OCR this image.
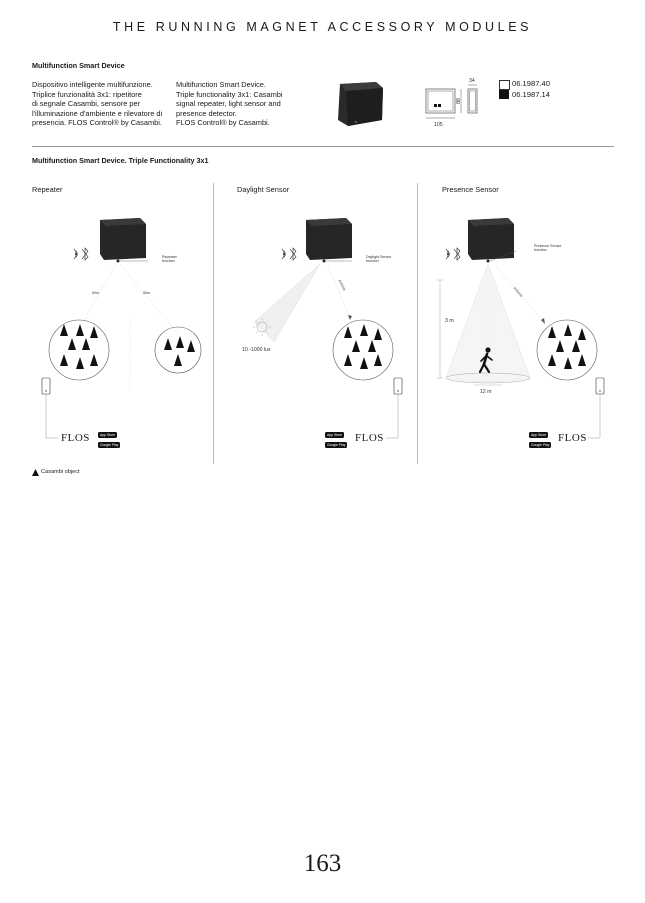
THE RUNNING MAGNET ACCESSORY MODULES
Multifunction Smart Device
Dispositivo intelligente multifunzione.
Triplice funzionalità 3x1: ripetitore
di segnale Casambi, sensore per
l'illuminazione d'ambiente e rilevatore di
presencia. FLOS Control® by Casambi.
Multifunction Smart Device.
Triple functionality 3x1: Casambi
signal repeater, light sensor and
presence detector.
FLOS Control® by Casambi.
34
88
105
06.1987.40
06.1987.14
Multifunction Smart Device. Triple Functionality 3x1
Repeater
Repeater
function
60m	50m
FLOS	App Store
Google Play
Daylight Sensor
Daylight Sensor
function
Actions
10 -1000 lux
App Store
Google Play
FLOS
Presence Sensor
Presence Sensor
function
Actions
3 m
12 m
App Store
Google Play
FLOS
Casambi object
163
